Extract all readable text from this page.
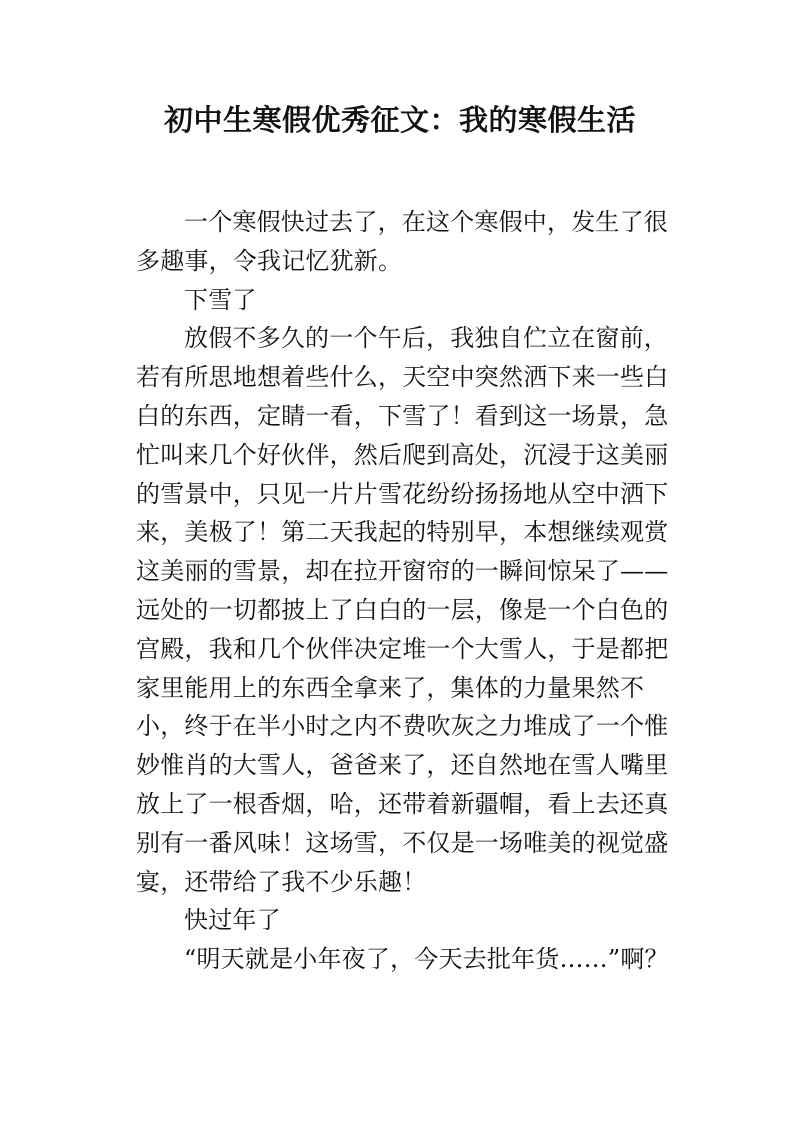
初中生寒假优秀征文：我的寒假生活

一个寒假快过去了，在这个寒假中，发生了很多趣事，令我记忆犹新。

下雪了

放假不多久的一个午后，我独自伫立在窗前，若有所思地想着些什么，天空中突然洒下来一些白白的东西，定睛一看，下雪了！看到这一场景，急忙叫来几个好伙伴，然后爬到高处，沉浸于这美丽的雪景中，只见一片片雪花纷纷扬扬地从空中洒下来，美极了！第二天我起的特别早，本想继续观赏这美丽的雪景，却在拉开窗帘的一瞬间惊呆了——远处的一切都披上了白白的一层，像是一个白色的宫殿，我和几个伙伴决定堆一个大雪人，于是都把家里能用上的东西全拿来了，集体的力量果然不小，终于在半小时之内不费吹灰之力堆成了一个惟妙惟肖的大雪人，爸爸来了，还自然地在雪人嘴里放上了一根香烟，哈，还带着新疆帽，看上去还真别有一番风味！这场雪，不仅是一场唯美的视觉盛宴，还带给了我不少乐趣！

快过年了

“明天就是小年夜了，今天去批年货……”啊？
